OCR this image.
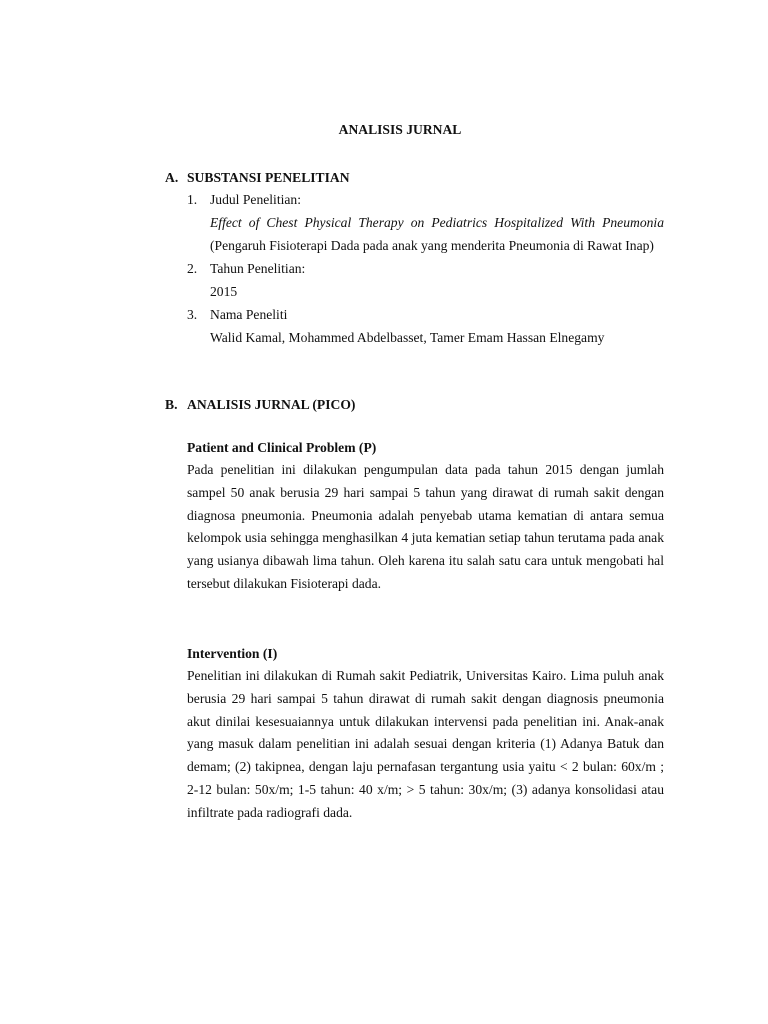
ANALISIS JURNAL
A. SUBSTANSI PENELITIAN
1. Judul Penelitian:
Effect of Chest Physical Therapy on Pediatrics Hospitalized With Pneumonia (Pengaruh Fisioterapi Dada pada anak yang menderita Pneumonia di Rawat Inap)
2. Tahun Penelitian:
2015
3. Nama Peneliti
Walid Kamal, Mohammed Abdelbasset, Tamer Emam Hassan Elnegamy
B. ANALISIS JURNAL (PICO)
Patient and Clinical Problem (P)

Pada penelitian ini dilakukan pengumpulan data pada tahun 2015 dengan jumlah sampel 50 anak berusia 29 hari sampai 5 tahun yang dirawat di rumah sakit dengan diagnosa pneumonia. Pneumonia adalah penyebab utama kematian di antara semua kelompok usia sehingga menghasilkan 4 juta kematian setiap tahun terutama pada anak yang usianya dibawah lima tahun. Oleh karena itu salah satu cara untuk mengobati hal tersebut dilakukan Fisioterapi dada.

Intervention (I)

Penelitian ini dilakukan di Rumah sakit Pediatrik, Universitas Kairo. Lima puluh anak berusia 29 hari sampai 5 tahun dirawat di rumah sakit dengan diagnosis pneumonia akut dinilai kesesuaiannya untuk dilakukan intervensi pada penelitian ini. Anak-anak yang masuk dalam penelitian ini adalah sesuai dengan kriteria (1) Adanya Batuk dan demam; (2) takipnea, dengan laju pernafasan tergantung usia yaitu < 2 bulan: 60x/m ; 2-12 bulan: 50x/m; 1-5 tahun: 40 x/m; > 5 tahun: 30x/m; (3) adanya konsolidasi atau infiltrate pada radiografi dada.
